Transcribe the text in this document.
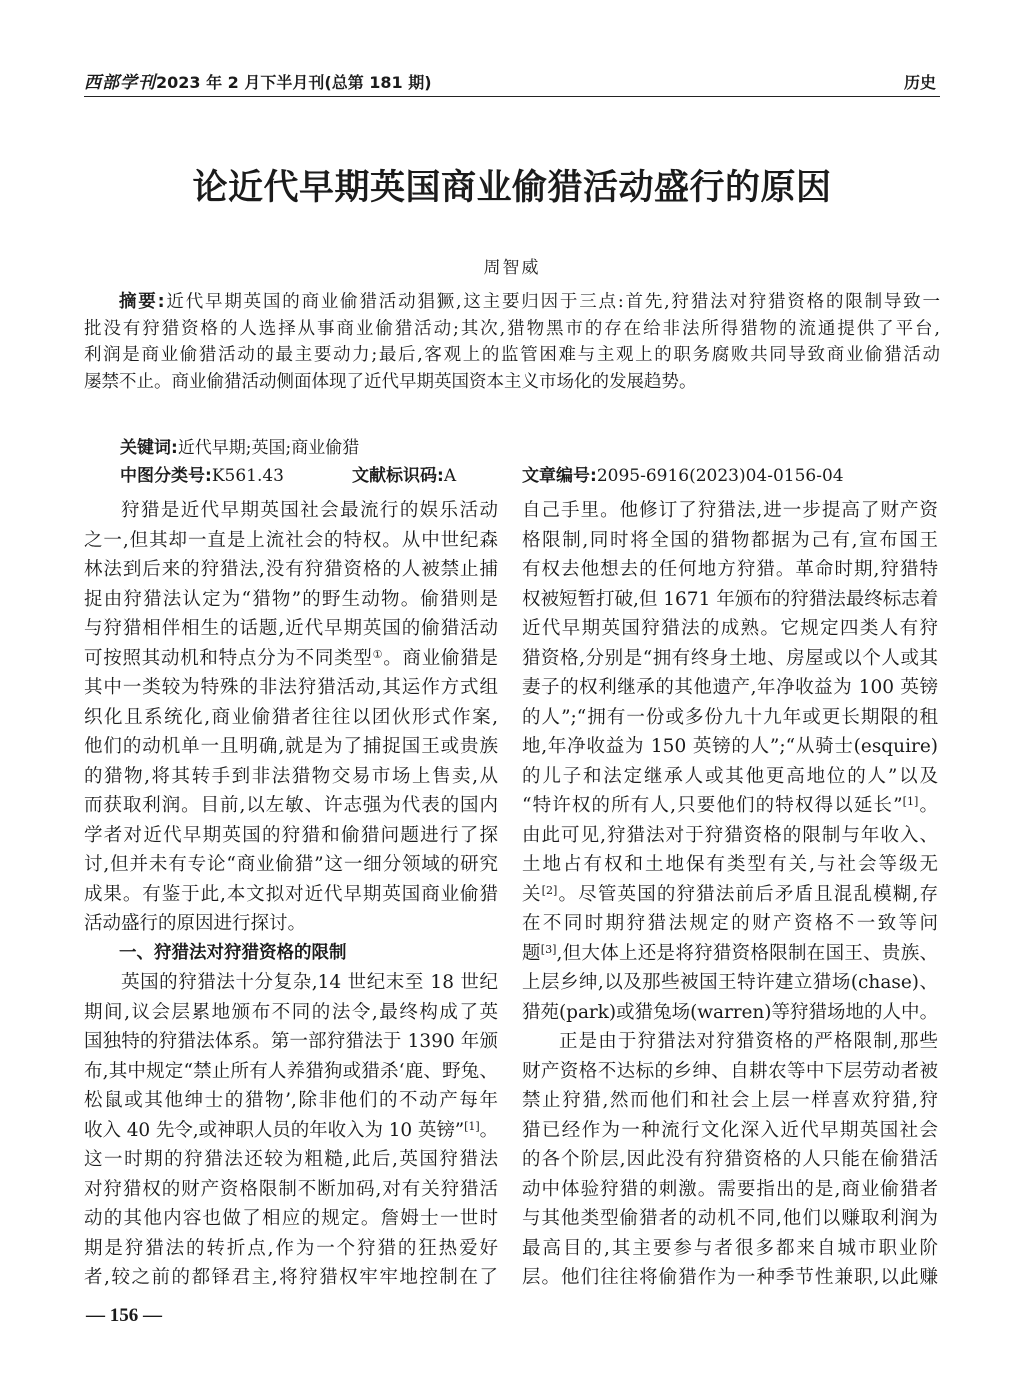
西部学刊2023 年 2 月下半月刊(总第 181 期)	历史
论近代早期英国商业偷猎活动盛行的原因
周智威
摘要:近代早期英国的商业偷猎活动猖獗,这主要归因于三点:首先,狩猎法对狩猎资格的限制导致一
批没有狩猎资格的人选择从事商业偷猎活动;其次,猎物黑市的存在给非法所得猎物的流通提供了平台,
利润是商业偷猎活动的最主要动力;最后,客观上的监管困难与主观上的职务腐败共同导致商业偷猎活动
屡禁不止。商业偷猎活动侧面体现了近代早期英国资本主义市场化的发展趋势。
关键词:近代早期;英国;商业偷猎
中图分类号:K561.43	文献标识码:A	文章编号:2095-6916(2023)04-0156-04
狩猎是近代早期英国社会最流行的娱乐活动
之一,但其却一直是上流社会的特权。从中世纪森
林法到后来的狩猎法,没有狩猎资格的人被禁止捕
捉由狩猎法认定为“猎物”的野生动物。偷猎则是
与狩猎相伴相生的话题,近代早期英国的偷猎活动
可按照其动机和特点分为不同类型①。商业偷猎是
其中一类较为特殊的非法狩猎活动,其运作方式组
织化且系统化,商业偷猎者往往以团伙形式作案,
他们的动机单一且明确,就是为了捕捉国王或贵族
的猎物,将其转手到非法猎物交易市场上售卖,从
而获取利润。目前,以左敏、许志强为代表的国内
学者对近代早期英国的狩猎和偷猎问题进行了探
讨,但并未有专论“商业偷猎”这一细分领域的研究
成果。有鉴于此,本文拟对近代早期英国商业偷猎
活动盛行的原因进行探讨。
一、狩猎法对狩猎资格的限制
英国的狩猎法十分复杂,14 世纪末至 18 世纪
期间,议会层累地颁布不同的法令,最终构成了英
国独特的狩猎法体系。第一部狩猎法于 1390 年颁
布,其中规定“禁止所有人养猎狗或猎杀‘鹿、野兔、
松鼠或其他绅士的猎物’,除非他们的不动产每年
收入 40 先令,或神职人员的年收入为 10 英镑”[1]。
这一时期的狩猎法还较为粗糙,此后,英国狩猎法
对狩猎权的财产资格限制不断加码,对有关狩猎活
动的其他内容也做了相应的规定。詹姆士一世时
期是狩猎法的转折点,作为一个狩猎的狂热爱好
者,较之前的都铎君主,将狩猎权牢牢地控制在了
自己手里。他修订了狩猎法,进一步提高了财产资
格限制,同时将全国的猎物都据为己有,宣布国王
有权去他想去的任何地方狩猎。革命时期,狩猎特
权被短暂打破,但 1671 年颁布的狩猎法最终标志着
近代早期英国狩猎法的成熟。它规定四类人有狩
猎资格,分别是“拥有终身土地、房屋或以个人或其
妻子的权利继承的其他遗产,年净收益为 100 英镑
的人”;“拥有一份或多份九十九年或更长期限的租
地,年净收益为 150 英镑的人”;“从骑士(esquire)
的儿子和法定继承人或其他更高地位的人”以及
“特许权的所有人,只要他们的特权得以延长”[1]。
由此可见,狩猎法对于狩猎资格的限制与年收入、
土地占有权和土地保有类型有关,与社会等级无
关[2]。尽管英国的狩猎法前后矛盾且混乱模糊,存
在不同时期狩猎法规定的财产资格不一致等问
题[3],但大体上还是将狩猎资格限制在国王、贵族、
上层乡绅,以及那些被国王特许建立猎场(chase)、
猎苑(park)或猎兔场(warren)等狩猎场地的人中。
正是由于狩猎法对狩猎资格的严格限制,那些
财产资格不达标的乡绅、自耕农等中下层劳动者被
禁止狩猎,然而他们和社会上层一样喜欢狩猎,狩
猎已经作为一种流行文化深入近代早期英国社会
的各个阶层,因此没有狩猎资格的人只能在偷猎活
动中体验狩猎的刺激。需要指出的是,商业偷猎者
与其他类型偷猎者的动机不同,他们以赚取利润为
最高目的,其主要参与者很多都来自城市职业阶
层。他们往往将偷猎作为一种季节性兼职,以此赚
— 156 —
